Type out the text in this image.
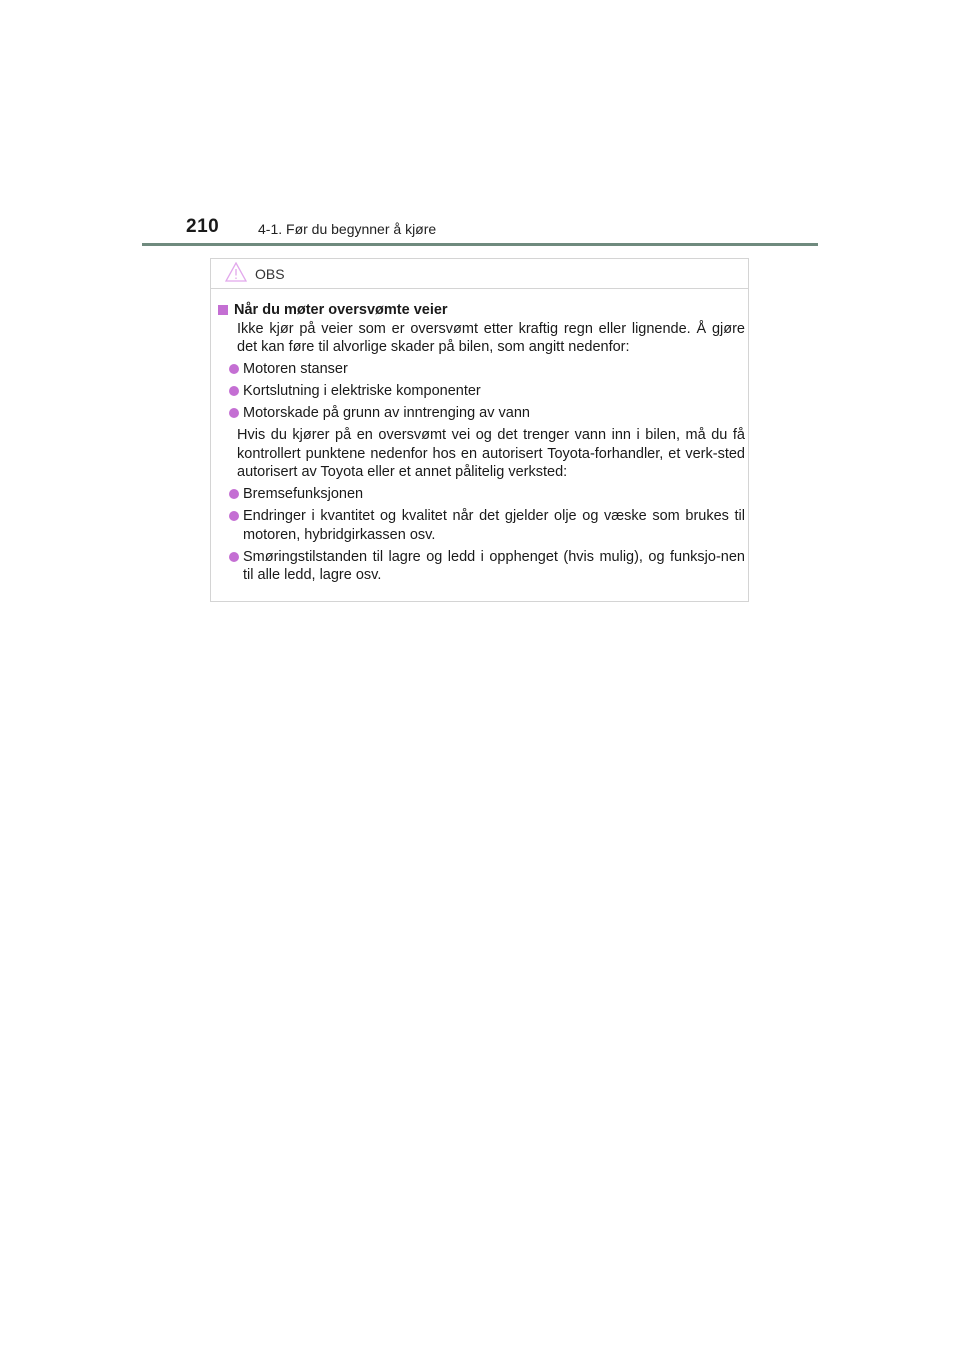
210	4-1. Før du begynner å kjøre
OBS
Når du møter oversvømte veier
Ikke kjør på veier som er oversvømt etter kraftig regn eller lignende. Å gjøre det kan føre til alvorlige skader på bilen, som angitt nedenfor:
Motoren stanser
Kortslutning i elektriske komponenter
Motorskade på grunn av inntrenging av vann
Hvis du kjører på en oversvømt vei og det trenger vann inn i bilen, må du få kontrollert punktene nedenfor hos en autorisert Toyota-forhandler, et verk-sted autorisert av Toyota eller et annet pålitelig verksted:
Bremsefunksjonen
Endringer i kvantitet og kvalitet når det gjelder olje og væske som brukes til motoren, hybridgirkassen osv.
Smøringstilstanden til lagre og ledd i opphenget (hvis mulig), og funksjo-nen til alle ledd, lagre osv.
